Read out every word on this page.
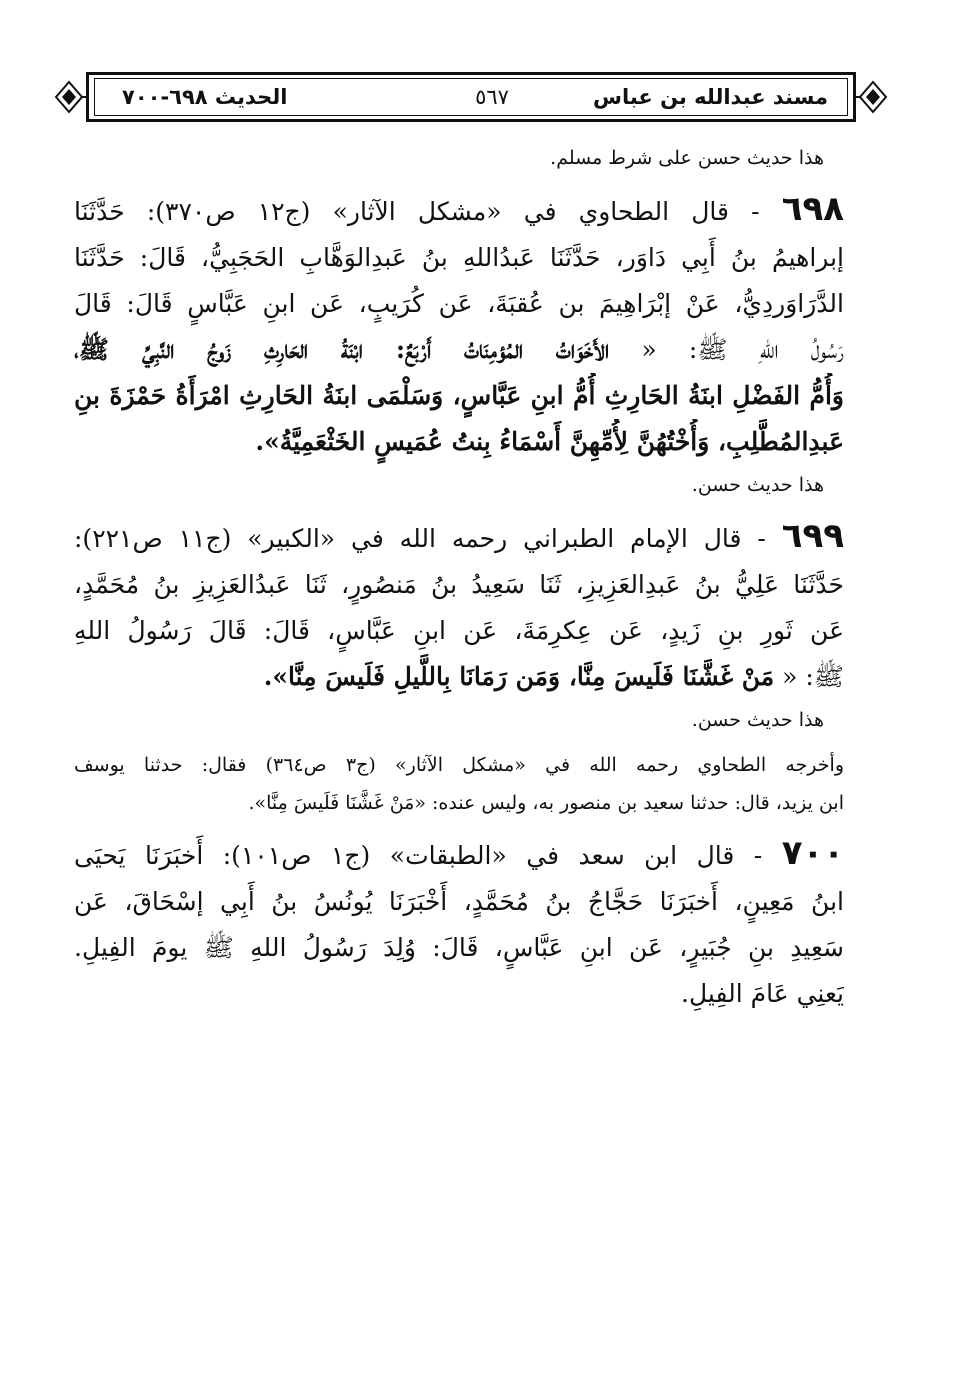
مسند عبدالله بن عباس
٥٦٧
الحديث ٦٩٨-٧٠٠
هذا حديث حسن على شرط مسلم.
٦٩٨ - قال الطحاوي في «مشكل الآثار» (ج١٢ ص٣٧٠): حَدَّثَنَا
إبراهيمُ بنُ أَبِي دَاوَر، حَدَّثَنَا عَبدُاللهِ بنُ عَبدِالوَهَّابِ الحَجَبِيُّ، قَالَ: حَدَّثَنَا
الدَّرَاوَردِيُّ، عَنْ إبْرَاهِيمَ بن عُقبَةَ، عَن كُرَيبٍ، عَن ابنِ عَبَّاسٍ قَالَ: قَالَ
رَسُولُ اللهِ ﷺ: « الأَخَوَاتُ المُؤمِنَاتُ أَرْبَعٌ: ابْنَةُ الحَارِثِ زَوجُ النَّبِيِّ ﷺ،
وَأُمُّ الفَضْلِ ابنَةُ الحَارِثِ أُمُّ ابنِ عَبَّاسٍ، وَسَلْمَى ابنَةُ الحَارِثِ امْرَأَةُ حَمْزَةَ بنِ
عَبدِالمُطَّلِبِ، وَأُخْتُهُنَّ لِأُمِّهِنَّ أَسْمَاءُ بِنتُ عُمَيسٍ الخَثْعَمِيَّةُ».
هذا حديث حسن.
٦٩٩ - قال الإمام الطبراني رحمه الله في «الكبير» (ج١١ ص٢٢١):
حَدَّثَنَا عَلِيُّ بنُ عَبدِالعَزِيزِ، ثَنَا سَعِيدُ بنُ مَنصُورٍ، ثَنَا عَبدُالعَزِيزِ بنُ مُحَمَّدٍ،
عَن ثَورِ بنِ زَيدٍ، عَن عِكرِمَةَ، عَن ابنِ عَبَّاسٍ، قَالَ: قَالَ رَسُولُ اللهِ
ﷺ: « مَنْ غَشَّنَا فَلَيسَ مِنَّا، وَمَن رَمَانَا بِاللَّيلِ فَلَيسَ مِنَّا».
هذا حديث حسن.
وأخرجه الطحاوي رحمه الله في «مشكل الآثار» (ج٣ ص٣٦٤) فقال: حدثنا يوسف
ابن يزيد، قال: حدثنا سعيد بن منصور به، وليس عنده: «مَنْ غَشَّنَا فَلَيسَ مِنَّا».
٧٠٠ - قال ابن سعد في «الطبقات» (ج١ ص١٠١): أَخبَرَنَا يَحيَى
ابنُ مَعِينٍ، أَخبَرَنَا حَجَّاجُ بنُ مُحَمَّدٍ، أَخْبَرَنَا يُونُسُ بنُ أَبِي إسْحَاقَ، عَن
سَعِيدِ بنِ جُبَيرٍ، عَن ابنِ عَبَّاسٍ، قَالَ: وُلِدَ رَسُولُ اللهِ ﷺ يومَ الفِيلِ.
يَعنِي عَامَ الفِيلِ.
